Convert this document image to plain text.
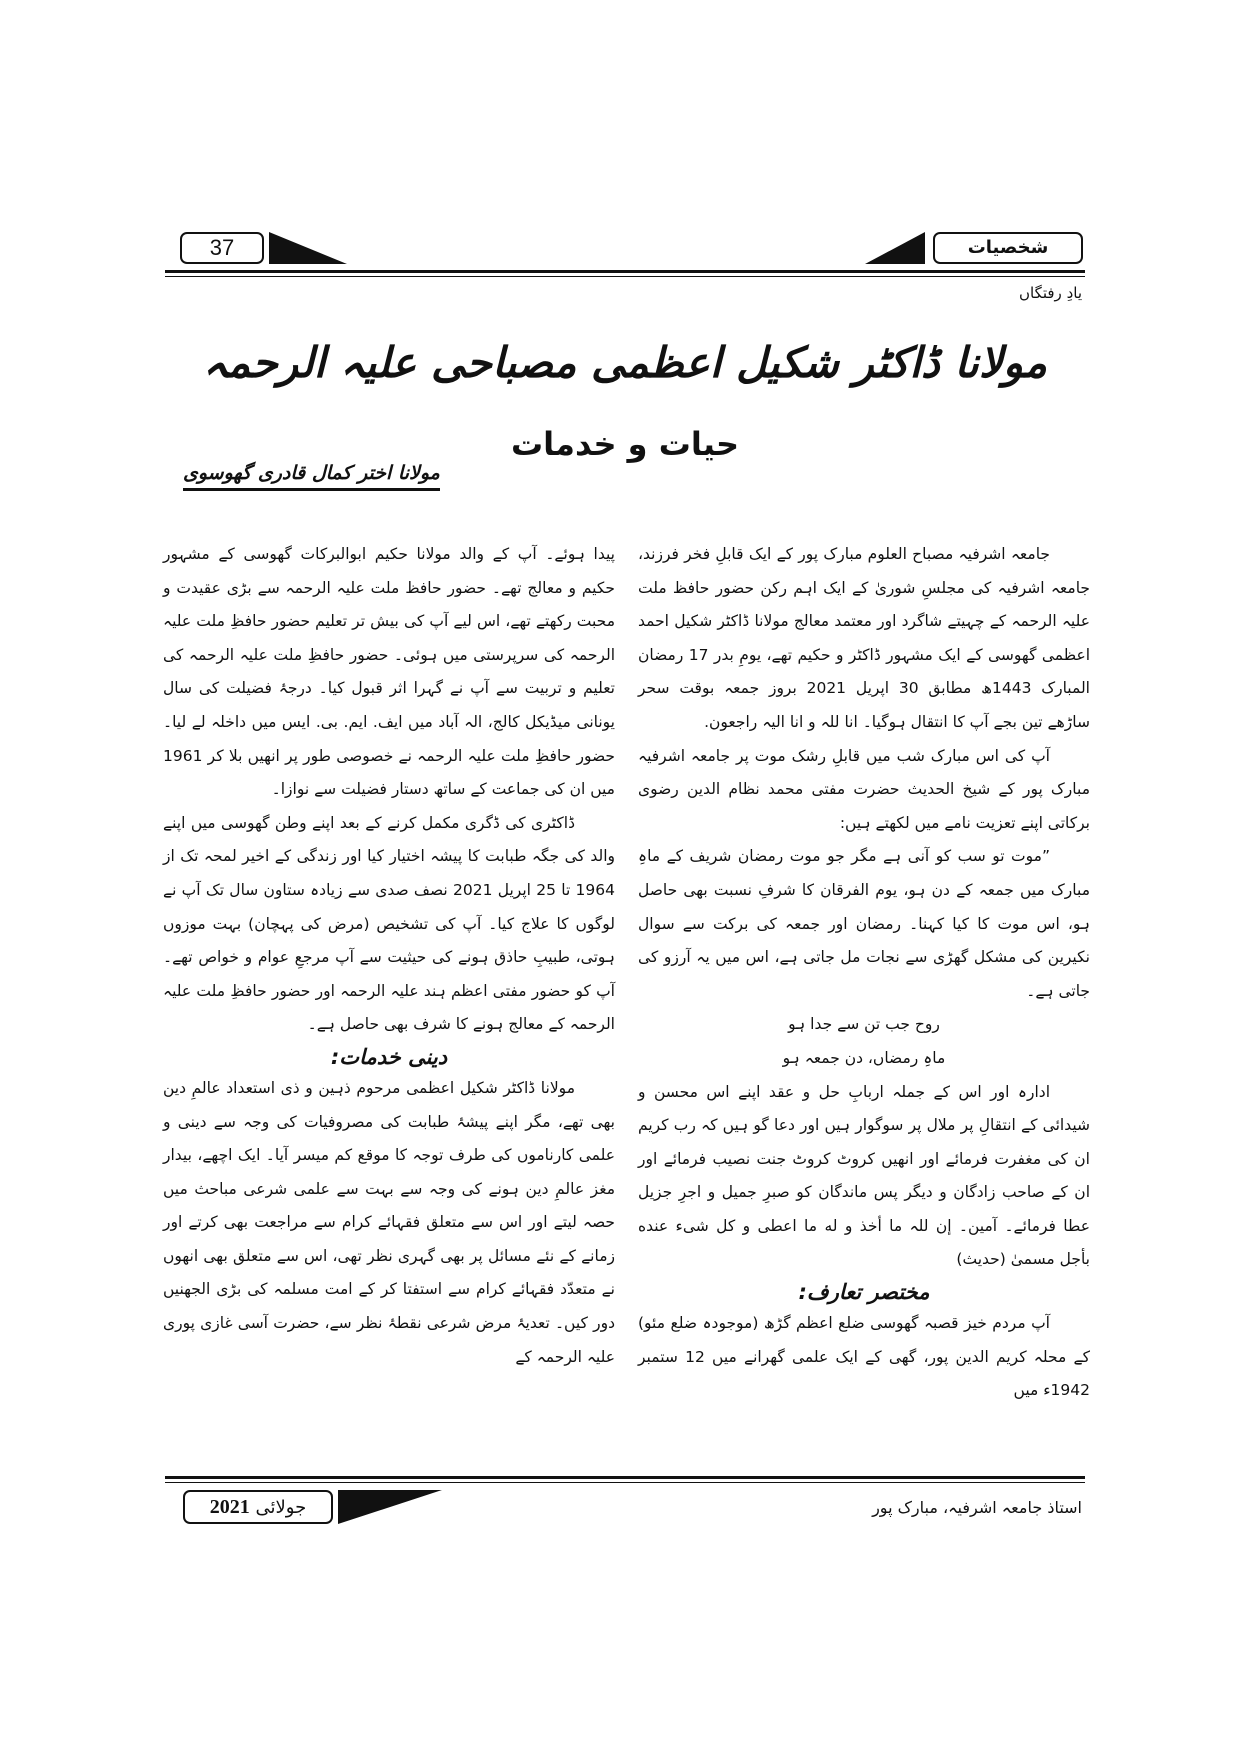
37	شخصیات
یادِ رفتگاں
مولانا ڈاکٹر شکیل اعظمی مصباحی علیہ الرحمہ
حیات و خدمات
مولانا اختر کمال قادری گھوسوی

جامعہ اشرفیہ مصباح العلوم مبارک پور کے ایک قابلِ فخر فرزند، جامعہ اشرفیہ کی مجلسِ شوریٰ کے ایک اہم رکن حضور حافظ ملت علیہ الرحمہ کے چہیتے شاگرد اور معتمد معالج مولانا ڈاکٹر شکیل احمد اعظمی گھوسی کے ایک مشہور ڈاکٹر و حکیم تھے، یومِ بدر 17 رمضان المبارک 1443ھ مطابق 30 اپریل 2021 بروز جمعہ بوقت سحر ساڑھے تین بجے آپ کا انتقال ہوگیا۔ انا للہ و انا الیہ راجعون.

آپ کی اس مبارک شب میں قابلِ رشک موت پر جامعہ اشرفیہ مبارک پور کے شیخ الحدیث حضرت مفتی محمد نظام الدین رضوی برکاتی اپنے تعزیت نامے میں لکھتے ہیں:

”موت تو سب کو آنی ہے مگر جو موت رمضان شریف کے ماہِ مبارک میں جمعہ کے دن ہو، یوم الفرقان کا شرفِ نسبت بھی حاصل ہو، اس موت کا کیا کہنا۔ رمضان اور جمعہ کی برکت سے سوال نکیرین کی مشکل گھڑی سے نجات مل جاتی ہے، اس میں یہ آرزو کی جاتی ہے۔

روح جب تن سے جدا ہو

ماہِ رمضاں، دن جمعہ ہو

ادارہ اور اس کے جملہ اربابِ حل و عقد اپنے اس محسن و شیدائی کے انتقالِ پر ملال پر سوگوار ہیں اور دعا گو ہیں کہ رب کریم ان کی مغفرت فرمائے اور انھیں کروٹ کروٹ جنت نصیب فرمائے اور ان کے صاحب زادگان و دیگر پس ماندگان کو صبرِ جمیل و اجرِ جزیل عطا فرمائے۔ آمین۔ إن للہ ما أخذ و له ما اعطی و کل شیء عنده بأجل مسمیٰ (حدیث)

مختصر تعارف:

آپ مردم خیز قصبہ گھوسی ضلع اعظم گڑھ (موجودہ ضلع مئو) کے محلہ کریم الدین پور، گھی کے ایک علمی گھرانے میں 12 ستمبر 1942ء میں

پیدا ہوئے۔ آپ کے والد مولانا حکیم ابوالبرکات گھوسی کے مشہور حکیم و معالج تھے۔ حضور حافظ ملت علیہ الرحمہ سے بڑی عقیدت و محبت رکھتے تھے، اس لیے آپ کی بیش تر تعلیم حضور حافظِ ملت علیہ الرحمہ کی سرپرستی میں ہوئی۔ حضور حافظِ ملت علیہ الرحمہ کی تعلیم و تربیت سے آپ نے گہرا اثر قبول کیا۔ درجۂ فضیلت کی سال یونانی میڈیکل کالج، الہ آباد میں ایف. ایم. بی. ایس میں داخلہ لے لیا۔ حضور حافظِ ملت علیہ الرحمہ نے خصوصی طور پر انھیں بلا کر 1961 میں ان کی جماعت کے ساتھ دستار فضیلت سے نوازا۔

ڈاکٹری کی ڈگری مکمل کرنے کے بعد اپنے وطن گھوسی میں اپنے والد کی جگہ طبابت کا پیشہ اختیار کیا اور زندگی کے اخیر لمحہ تک از 1964 تا 25 اپریل 2021 نصف صدی سے زیادہ ستاون سال تک آپ نے لوگوں کا علاج کیا۔ آپ کی تشخیص (مرض کی پہچان) بہت موزوں ہوتی، طبیبِ حاذق ہونے کی حیثیت سے آپ مرجعِ عوام و خواص تھے۔ آپ کو حضور مفتی اعظم ہند علیہ الرحمہ اور حضور حافظِ ملت علیہ الرحمہ کے معالج ہونے کا شرف بھی حاصل ہے۔

دینی خدمات:

مولانا ڈاکٹر شکیل اعظمی مرحوم ذہین و ذی استعداد عالمِ دین بھی تھے، مگر اپنے پیشۂ طبابت کی مصروفیات کی وجہ سے دینی و علمی کارناموں کی طرف توجہ کا موقع کم میسر آیا۔ ایک اچھے، بیدار مغز عالمِ دین ہونے کی وجہ سے بہت سے علمی شرعی مباحث میں حصہ لیتے اور اس سے متعلق فقہائے کرام سے مراجعت بھی کرتے اور زمانے کے نئے مسائل پر بھی گہری نظر تھی، اس سے متعلق بھی انھوں نے متعدّد فقہائے کرام سے استفتا کر کے امت مسلمہ کی بڑی الجھنیں دور کیں۔ تعدیۂ مرض شرعی نقطۂ نظر سے، حضرت آسی غازی پوری علیہ الرحمہ کے

جولائی 2021	استاذ جامعہ اشرفیہ، مبارک پور
